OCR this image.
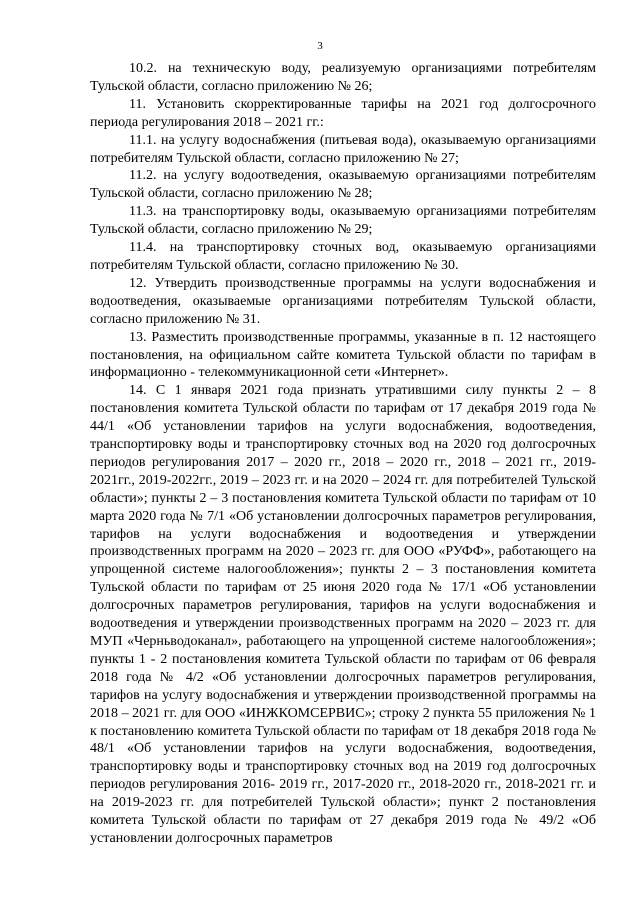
3

10.2. на техническую воду, реализуемую организациями потребителям Тульской области, согласно приложению № 26;

11. Установить скорректированные тарифы на 2021 год долгосрочного периода регулирования 2018 – 2021 гг.:

11.1. на услугу водоснабжения (питьевая вода), оказываемую организациями потребителям Тульской области, согласно приложению № 27;

11.2. на услугу водоотведения, оказываемую организациями потребителям Тульской области, согласно приложению № 28;

11.3. на транспортировку воды, оказываемую организациями потребителям Тульской области, согласно приложению № 29;

11.4. на транспортировку сточных вод, оказываемую организациями потребителям Тульской области, согласно приложению № 30.

12. Утвердить производственные программы на услуги водоснабжения и водоотведения, оказываемые организациями потребителям Тульской области, согласно приложению № 31.

13. Разместить производственные программы, указанные в п. 12 настоящего постановления, на официальном сайте комитета Тульской области по тарифам в информационно - телекоммуникационной сети «Интернет».

14. С 1 января 2021 года признать утратившими силу пункты 2 – 8 постановления комитета Тульской области по тарифам от 17 декабря 2019 года № 44/1 «Об установлении тарифов на услуги водоснабжения, водоотведения, транспортировку воды и транспортировку сточных вод на 2020 год долгосрочных периодов регулирования 2017 – 2020 гг., 2018 – 2020 гг., 2018 – 2021 гг., 2019-2021гг., 2019-2022гг., 2019 – 2023 гг. и на 2020 – 2024 гг. для потребителей Тульской области»; пункты 2 – 3 постановления комитета Тульской области по тарифам от 10 марта 2020 года № 7/1 «Об установлении долгосрочных параметров регулирования, тарифов на услуги водоснабжения и водоотведения и утверждении производственных программ на 2020 – 2023 гг. для ООО «РУФФ», работающего на упрощенной системе налогообложения»; пункты 2 – 3 постановления комитета Тульской области по тарифам от 25 июня 2020 года № 17/1 «Об установлении долгосрочных параметров регулирования, тарифов на услуги водоснабжения и водоотведения и утверждении производственных программ на 2020 – 2023 гг. для МУП «Черньводоканал», работающего на упрощенной системе налогообложения»; пункты 1 - 2 постановления комитета Тульской области по тарифам от 06 февраля 2018 года № 4/2 «Об установлении долгосрочных параметров регулирования, тарифов на услугу водоснабжения и утверждении производственной программы на 2018 – 2021 гг. для ООО «ИНЖКОМСЕРВИС»; строку 2 пункта 55 приложения № 1 к постановлению комитета Тульской области по тарифам от 18 декабря 2018 года № 48/1 «Об установлении тарифов на услуги водоснабжения, водоотведения, транспортировку воды и транспортировку сточных вод на 2019 год долгосрочных периодов регулирования 2016- 2019 гг., 2017-2020 гг., 2018-2020 гг., 2018-2021 гг. и на 2019-2023 гг. для потребителей Тульской области»; пункт 2 постановления комитета Тульской области по тарифам от 27 декабря 2019 года № 49/2 «Об установлении долгосрочных параметров
